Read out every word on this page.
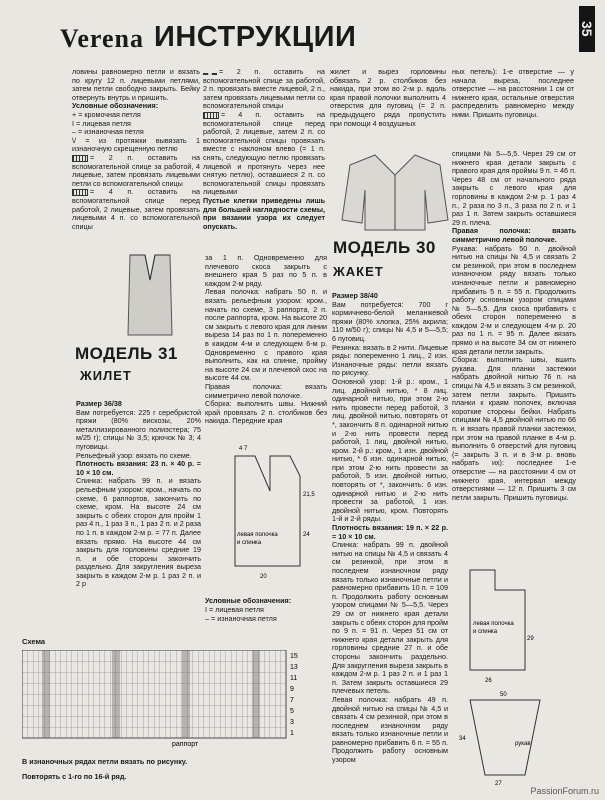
Verena ИНСТРУКЦИИ	35

ловины равномерно петли и вязать по кругу 12 п. лицевыми петлями, затем петли свободно закрыть. Бейку отвернуть внутрь и пришить.

Условные обозначения:

+ = кромочная петля

I = лицевая петля

– = изнаночная петля

\/ = из протяжки вывязать 1 изнаночную скрещенную петлю

= 2 п. оставить на вспомогательной спице за работой, 4 лицевые, затем провязать лицевыми петли со вспомогательной спицы

= 4 п. оставить на вспомогательной спице перед работой, 2 лицевые, затем провязать лицевыми 4 п. со вспомогательной спицы

= 2 п. оставить на вспомогательной спице за работой, 2 п. провязать вместе лицевой, 2 п., затем провязать лицевыми петли со вспомогательной спицы

= 4 п. оставить на вспомогательной спице перед работой, 2 лицевые, затем 2 п. со вспомогательной спицы провязать вместе с наклоном влево (= 1 п. снять, следующую петлю провязать лицевой и протянуть через нее снятую петлю), оставшиеся 2 п. со вспомогательной спицы провязать лицевыми

Пустые клетки приведены лишь для большей наглядности схемы, при вязании узора их следует опускать.

жилет и вырез горловины обвязать 2 р. столбиков без накида, при этом во 2-м р. вдоль края правой полочки выполнить 4 отверстия для пуговиц (= 2 п. предыдущего ряда пропустить при помощи 4 воздушных

ных петель): 1-е отверстие — у начала выреза, последнее отверстие — на расстоянии 1 см от нижнего края, остальные отверстия распределить равномерно между ними. Пришить пуговицы.

МОДЕЛЬ 31
ЖИЛЕТ
МОДЕЛЬ 30
ЖАКЕТ

Размер 36/38

Вам потребуется: 225 г серебристой пряжи (80% вискозы, 20% металлизированного полиэстера; 75 м/25 г); спицы № 3,5; крючок № 3; 4 пуговицы.

Рельефный узор: вязать по схеме.

Плотность вязания: 23 п. × 40 р. = 10 × 10 см.

Спинка: набрать 99 п. и вязать рельефным узором: кром., начать по схеме, 6 раппортов, закончить по схеме, кром. На высоте 24 см закрыть с обеих сторон для пройм 1 раз 4 п., 1 раз 3 п., 1 раз 2 п. и 2 раза по 1 п. в каждом 2-м р. = 77 п. Далее вязать прямо. На высоте 44 см закрыть для горловины средние 19 п. и обе стороны закончить раздельно. Для закругления выреза закрыть в каждом 2-м р. 1 раз 2 п. и 2 р

за 1 п. Одновременно для плечевого скоса закрыть с внешнего края 5 раз по 5 п. в каждом 2-м ряду.

Левая полочка: набрать 50 п. и вязать рельефным узором: кром., начать по схеме, 3 раппорта, 2 п. после раппорта, кром. На высоте 20 см закрыть с левого края для линии выреза 14 раз по 1 п. попеременно в каждом 4-м и следующем 6-м р. Одновременно с правого края выполнить, как на спинке, пройму на высоте 24 см и плечевой скос на высоте 44 см.

Правая полочка: вязать симметрично левой полочке.

Сборка: выполнить швы. Нижний край провязать 2 п. столбиков без накида. Передние края

левая полочка
и спинка
4 7
21,5
24
20
Условные обозначения:
I = лицевая петля
– = изнаночная петля

Размер 38/40

Вам потребуется: 700 г кормичнево-белой меланжевой пряжи (80% хлопка, 25% акрила; 110 м/50 г); спицы № 4,5 и 5—5,5; 6 пуговиц.

Резинка: вязать в 2 нити. Лицевые ряды: попеременно 1 лиц., 2 изн. Изнаночные ряды: петли вязать по рисунку.

Основной узор: 1-й р.: кром., 1 лиц. двойной нитью, * 8 лиц. одинарной нитью, при этом 2-ю нить провести перед работой, 3 лиц. двойной нитью, повторять от *, закончить 8 п. одинарной нитью и 2-ю нить провести перед работой, 1 лиц. двойной нитью, кром. 2-й р.: кром., 1 изн. двойной нитью, * 6 изн. одинарной нитью, при этом 2-ю нить провести за работой, 5 изн. двойной нитью, повторять от *, закончить: 6 изн. одинарной нитью и 2-ю нить провести за работой, 1 изн. двойной нитью, кром. Повторять 1-й и 2-й ряды.

Плотность вязания: 19 п. × 22 р. = 10 × 10 см.

Спинка: набрать 99 п. двойной нитью на спицы № 4,5 и связать 4 см резинкой, при этом в последнем изнаночном ряду вязать только изнаночные петли и равномерно прибавить 10 п. = 109 п. Продолжить работу основным узором спицами № 5—5,5. Через 29 см от нижнего края детали закрыть с обеих сторон для пройм по 9 п. = 91 п. Через 51 см от нижнего края детали закрыть для горловины средние 27 п. и обе стороны закончить раздельно. Для закругления выреза закрыть в каждом 2-м р. 1 раз 2 п. и 1 раз 1 п. Затем закрыть оставшиеся 29 плечевых петель.

Левая полочка: набрать 49 п. двойной нитью на спицы № 4,5 и связать 4 см резинкой, при этом в последнем изнаночном ряду вязать только изнаночные петли и равномерно прибавить 6 п. = 55 п. Продолжить работу основным узором

спицами № 5—5,5. Через 29 см от нижнего края детали закрыть с правого края для проймы 9 п. = 46 п. Через 48 см от начального ряда закрыть с левого края для горловины в каждом 2-м р. 1 раз 4 п., 2 раза по 3 п., 3 раза по 2 п. и 1 раз 1 п. Затем закрыть оставшиеся 29 п. плеча.

Правая полочка: вязать симметрично левой полочке.

Рукава: набрать 50 п. двойной нитью на спицы № 4,5 и связать 2 см резинкой, при этом в последнем изнаночном ряду вязать только изнаночные петли и равномерно прибавить 5 п. = 55 п. Продолжить работу основным узором спицами № 5—5,5. Для скоса прибавить с обеих сторон попеременно в каждом 2-м и следующем 4-м р. 20 раз по 1 п. = 95 п. Далее вязать прямо и на высоте 34 см от нижнего края детали петли закрыть.

Сборка: выполнить швы, вшить рукава. Для планки застежки набрать двойной нитью 76 п. на спицы № 4,5 и вязать 3 см резинкой, затем петли закрыть. Пришить планки к краям полочек, включая короткие стороны бейки. Набрать спицами № 4,5 двойной нитью по 66 п. и вязать правой планки застежки, при этом на правой планке в 4-м р. выполнить 6 отверстий для пуговиц (= закрыть 3 п. и в 3-м р. вновь набрать их): последнее 1-е отверстие — на расстоянии 4 см от нижнего края, интервал между отверстиями — 12 п. Пришить 3 см петли закрыть. Пришить пуговицы.

левая полочка
и спинка
26
29
рукав
50
34
27
Схема
15
13
11
9
7
5
3
1
раппорт
В изнаночных рядах петли вязать по рисунку.
Повторять с 1-го по 16-й ряд.
PassionForum.ru
